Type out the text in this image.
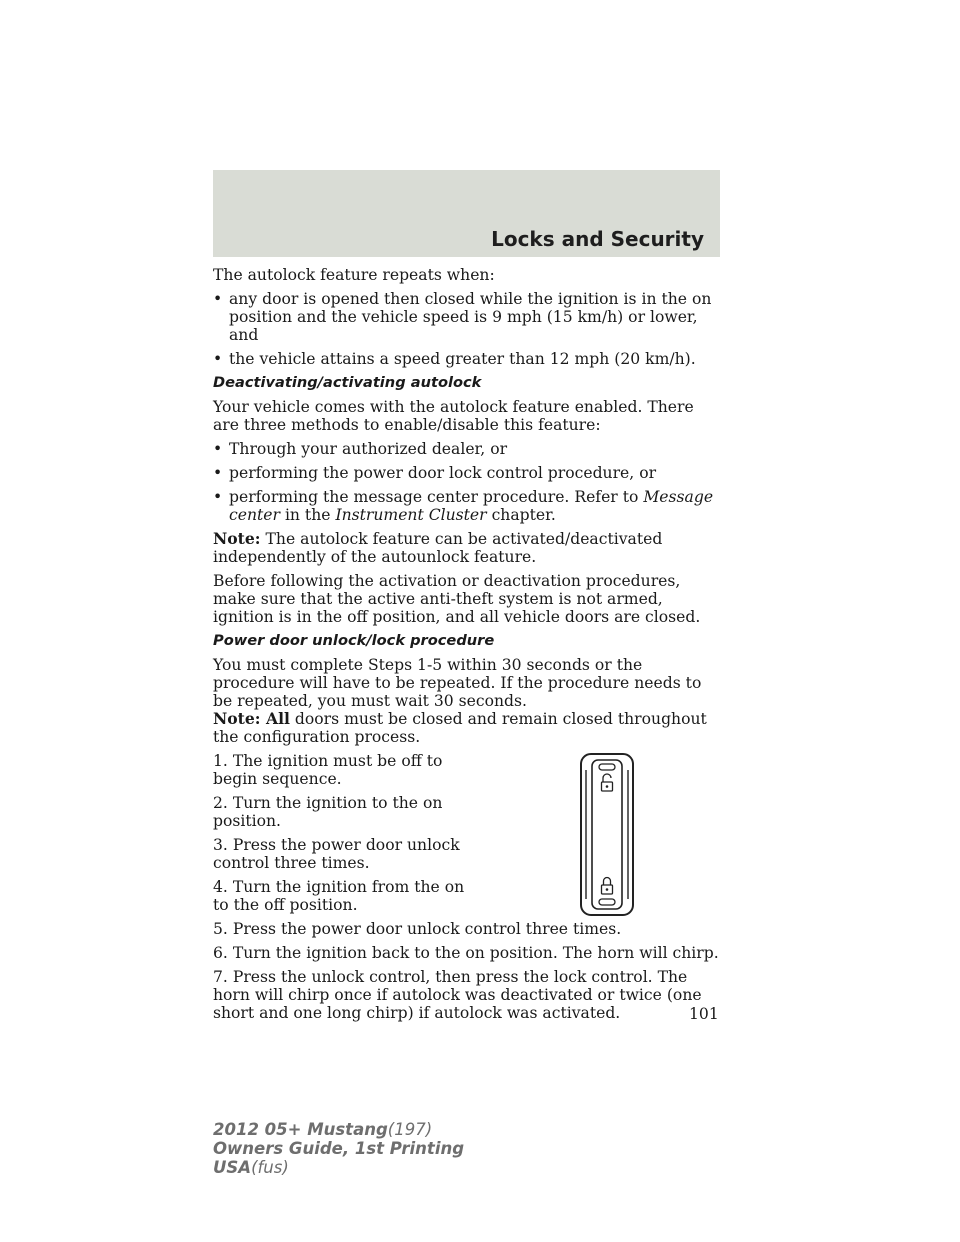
Locks and Security

The autolock feature repeats when:

• any door is opened then closed while the ignition is in the on position and the vehicle speed is 9 mph (15 km/h) or lower, and
• the vehicle attains a speed greater than 12 mph (20 km/h).

Deactivating/activating autolock

Your vehicle comes with the autolock feature enabled. There are three methods to enable/disable this feature:

• Through your authorized dealer, or
• performing the power door lock control procedure, or
• performing the message center procedure. Refer to Message center in the Instrument Cluster chapter.

Note: The autolock feature can be activated/deactivated independently of the autounlock feature.

Before following the activation or deactivation procedures, make sure that the active anti-theft system is not armed, ignition is in the off position, and all vehicle doors are closed.

Power door unlock/lock procedure

You must complete Steps 1-5 within 30 seconds or the procedure will have to be repeated. If the procedure needs to be repeated, you must wait 30 seconds.

Note: All doors must be closed and remain closed throughout the configuration process.

1. The ignition must be off to begin sequence.

2. Turn the ignition to the on position.

3. Press the power door unlock control three times.

4. Turn the ignition from the on to the off position.

5. Press the power door unlock control three times.

6. Turn the ignition back to the on position. The horn will chirp.

7. Press the unlock control, then press the lock control. The horn will chirp once if autolock was deactivated or twice (one short and one long chirp) if autolock was activated.	101
2012 05+ Mustang(197)
Owners Guide, 1st Printing
USA(fus)
